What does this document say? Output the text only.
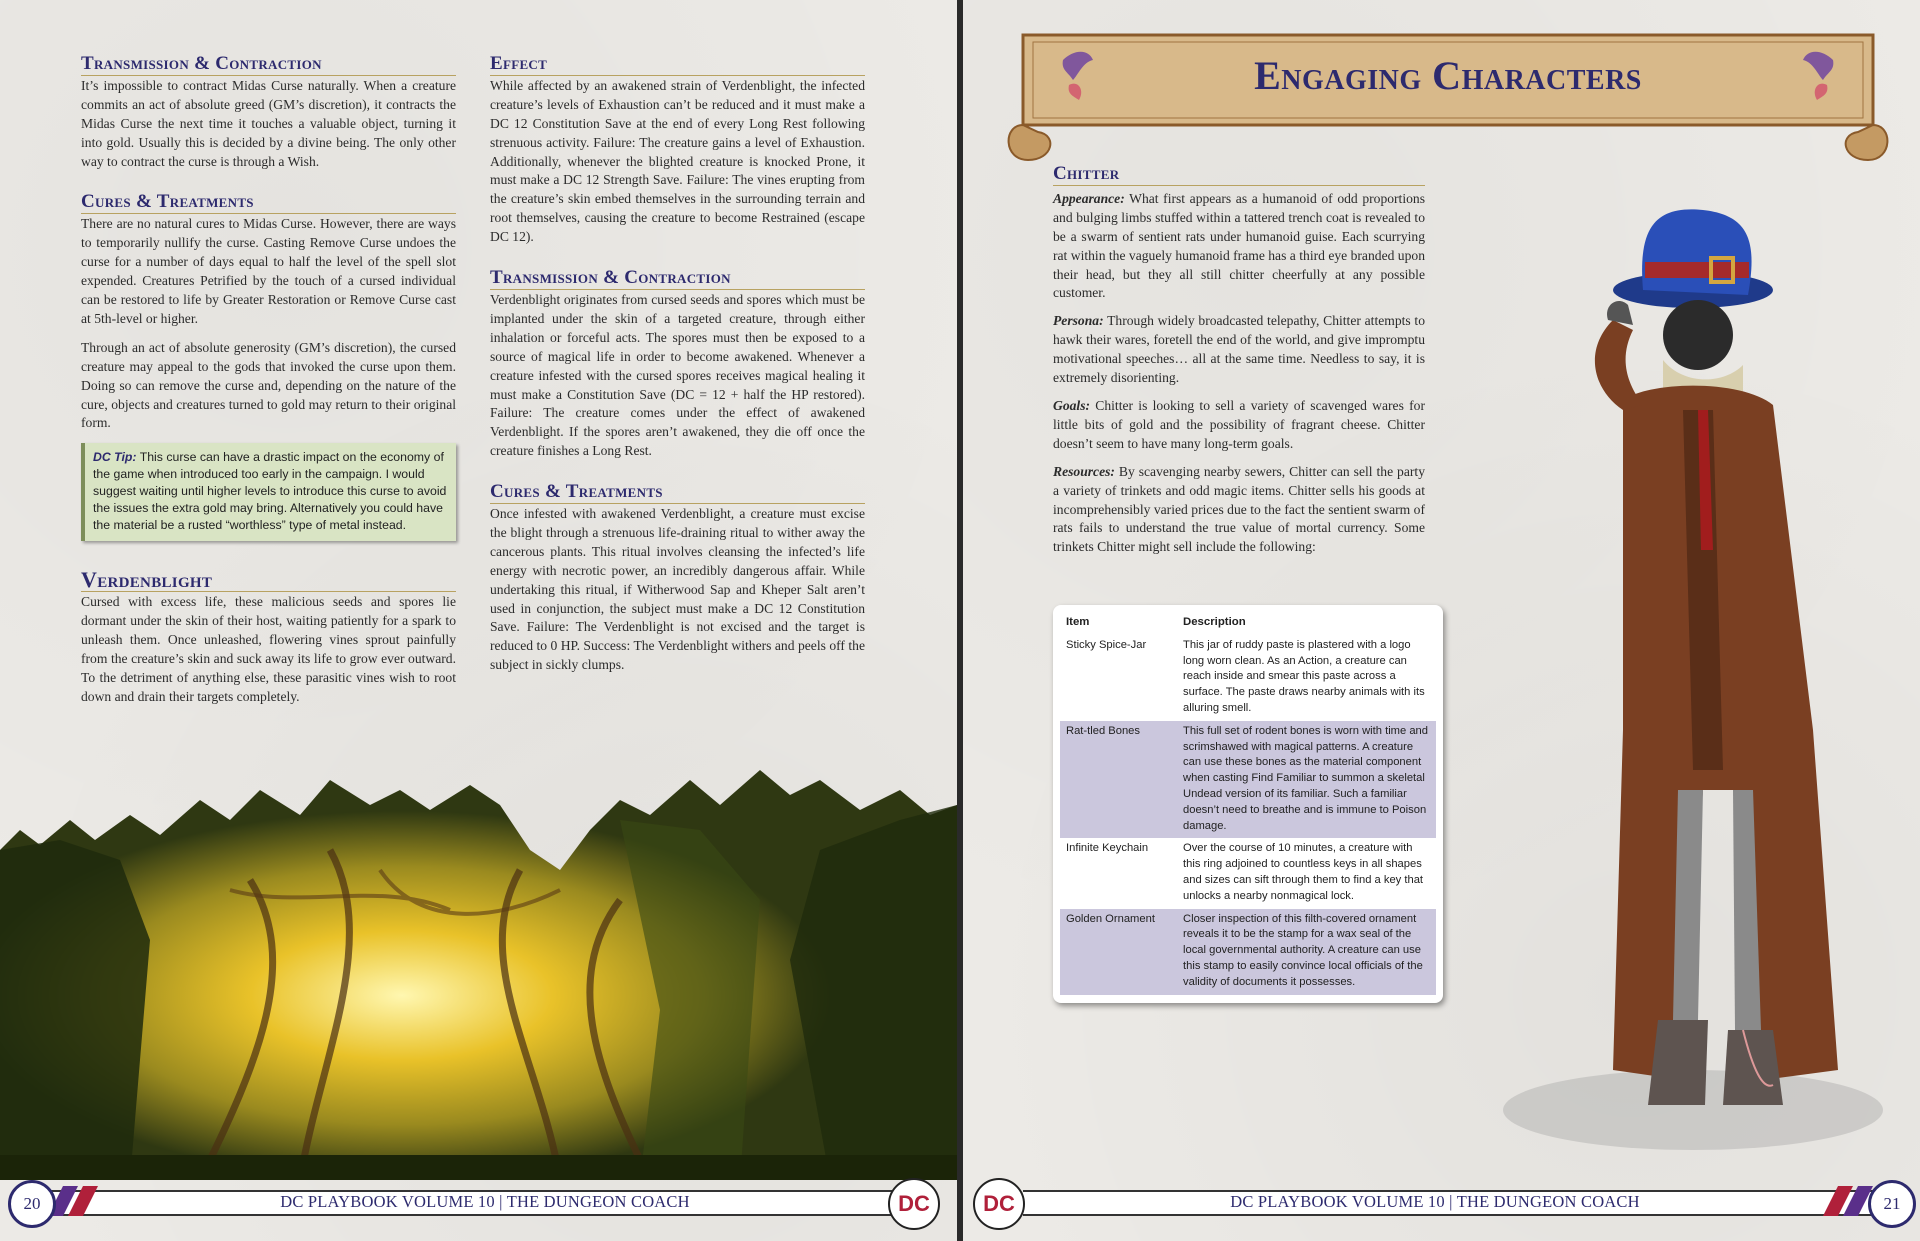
Transmission & Contraction

It’s impossible to contract Midas Curse naturally. When a creature commits an act of absolute greed (GM’s discretion), it contracts the Midas Curse the next time it touches a valuable object, turning it into gold. Usually this is decided by a divine being. The only other way to contract the curse is through a Wish.

Cures & Treatments

There are no natural cures to Midas Curse. However, there are ways to temporarily nullify the curse. Casting Remove Curse undoes the curse for a number of days equal to half the level of the spell slot expended. Creatures Petrified by the touch of a cursed individual can be restored to life by Greater Restoration or Remove Curse cast at 5th-level or higher.

Through an act of absolute generosity (GM’s discretion), the cursed creature may appeal to the gods that invoked the curse upon them. Doing so can remove the curse and, depending on the nature of the cure, objects and creatures turned to gold may return to their original form.

DC Tip: This curse can have a drastic impact on the economy of the game when introduced too early in the campaign. I would suggest waiting until higher levels to introduce this curse to avoid the issues the extra gold may bring. Alternatively you could have the material be a rusted “worthless” type of metal instead.
Verdenblight

Cursed with excess life, these malicious seeds and spores lie dormant under the skin of their host, waiting patiently for a spark to unleash them. Once unleashed, flowering vines sprout painfully from the creature’s skin and suck away its life to grow ever outward. To the detriment of anything else, these parasitic vines wish to root down and drain their targets completely.

Effect

While affected by an awakened strain of Verdenblight, the infected creature’s levels of Exhaustion can’t be reduced and it must make a DC 12 Constitution Save at the end of every Long Rest following strenuous activity. Failure: The creature gains a level of Exhaustion. Additionally, whenever the blighted creature is knocked Prone, it must make a DC 12 Strength Save. Failure: The vines erupting from the creature’s skin embed themselves in the surrounding terrain and root themselves, causing the creature to become Restrained (escape DC 12).

Transmission & Contraction

Verdenblight originates from cursed seeds and spores which must be implanted under the skin of a targeted creature, through either inhalation or forceful acts. The spores must then be exposed to a source of magical life in order to become awakened. Whenever a creature infested with the cursed spores receives magical healing it must make a Constitution Save (DC = 12 + half the HP restored). Failure: The creature comes under the effect of awakened Verdenblight. If the spores aren’t awakened, they die off once the creature finishes a Long Rest.

Cures & Treatments

Once infested with awakened Verdenblight, a creature must excise the blight through a strenuous life-draining ritual to wither away the cancerous plants. This ritual involves cleansing the infected’s life energy with necrotic power, an incredibly dangerous affair. While undertaking this ritual, if Witherwood Sap and Kheper Salt aren’t used in conjunction, the subject must make a DC 12 Constitution Save. Failure: The Verdenblight is not excised and the target is reduced to 0 HP. Success: The Verdenblight withers and peels off the subject in sickly clumps.

DC PLAYBOOK VOLUME 10 | THE DUNGEON COACH
20	DC
Engaging Characters
Chitter

Appearance: What first appears as a humanoid of odd proportions and bulging limbs stuffed within a tattered trench coat is revealed to be a swarm of sentient rats under humanoid guise. Each scurrying rat within the vaguely humanoid frame has a third eye branded upon their head, but they all still chitter cheerfully at any possible customer.

Persona: Through widely broadcasted telepathy, Chitter attempts to hawk their wares, foretell the end of the world, and give impromptu motivational speeches… all at the same time. Needless to say, it is extremely disorienting.

Goals: Chitter is looking to sell a variety of scavenged wares for little bits of gold and the possibility of fragrant cheese. Chitter doesn’t seem to have many long-term goals.

Resources: By scavenging nearby sewers, Chitter can sell the party a variety of trinkets and odd magic items. Chitter sells his goods at incomprehensibly varied prices due to the fact the sentient swarm of rats fails to understand the true value of mortal currency. Some trinkets Chitter might sell include the following:

Item	Description
Sticky Spice-Jar	This jar of ruddy paste is plastered with a logo long worn clean. As an Action, a creature can reach inside and smear this paste across a surface. The paste draws nearby animals with its alluring smell.
Rat-tled Bones	This full set of rodent bones is worn with time and scrimshawed with magical patterns. A creature can use these bones as the material component when casting Find Familiar to summon a skeletal Undead version of its familiar. Such a familiar doesn’t need to breathe and is immune to Poison damage.
Infinite Keychain	Over the course of 10 minutes, a creature with this ring adjoined to countless keys in all shapes and sizes can sift through them to find a key that unlocks a nearby nonmagical lock.
Golden Ornament	Closer inspection of this filth-covered ornament reveals it to be the stamp for a wax seal of the local governmental authority. A creature can use this stamp to easily convince local officials of the validity of documents it possesses.
DC PLAYBOOK VOLUME 10 | THE DUNGEON COACH	21
DC
